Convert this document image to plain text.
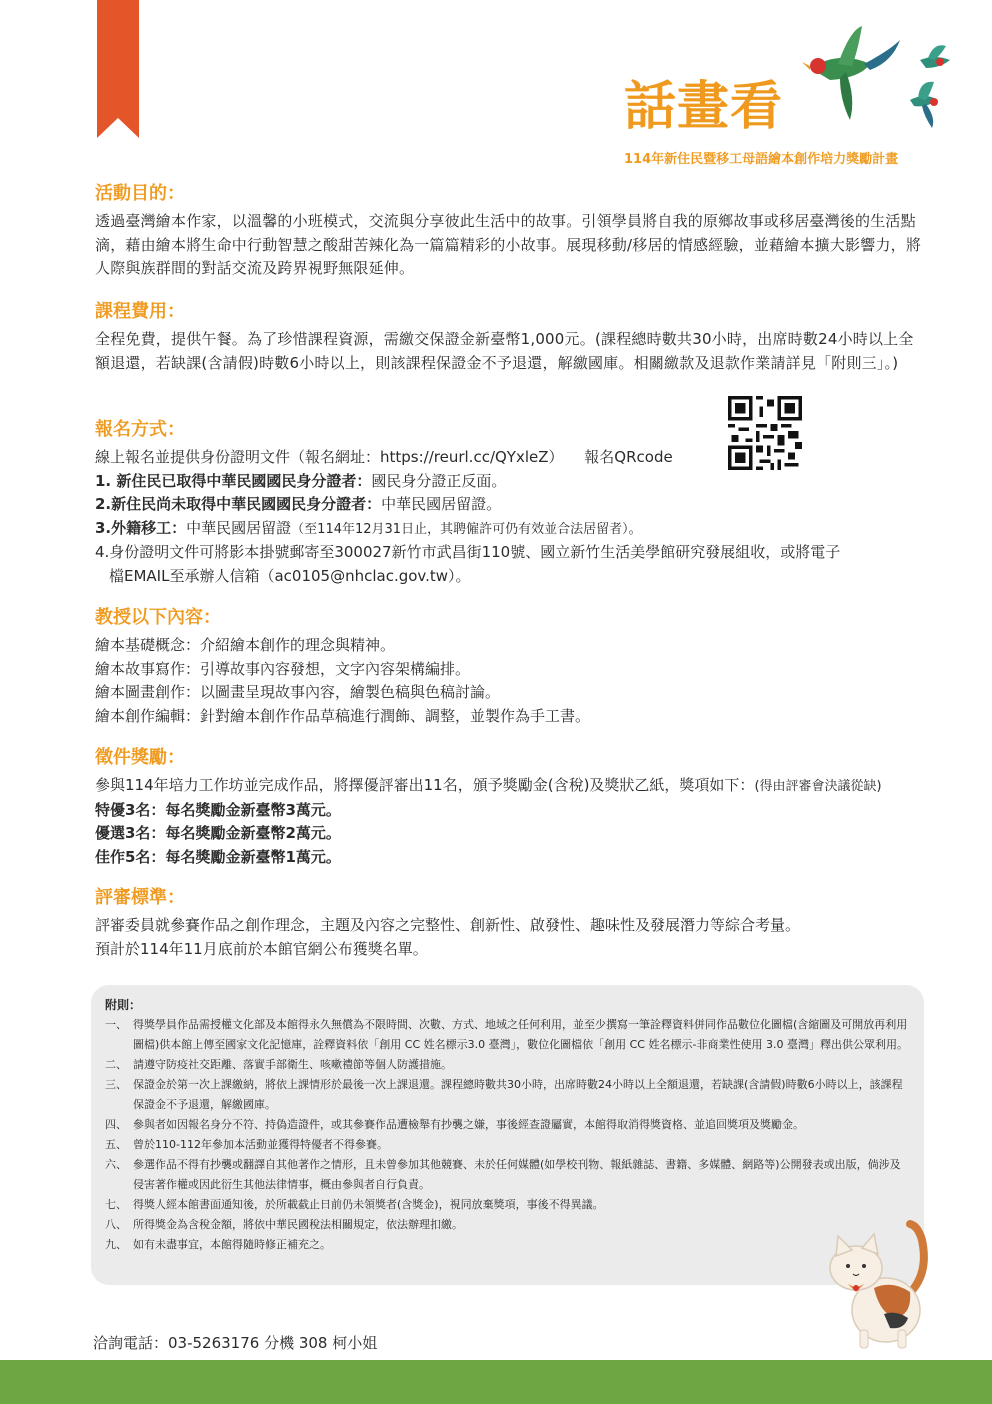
話畫看
114年新住民暨移工母語繪本創作培力獎勵計畫
活動目的：

透過臺灣繪本作家，以溫馨的小班模式，交流與分享彼此生活中的故事。引領學員將自我的原鄉故事或移居臺灣後的生活點滴，藉由繪本將生命中行動智慧之酸甜苦辣化為一篇篇精彩的小故事。展現移動/移居的情感經驗，並藉繪本擴大影響力，將人際與族群間的對話交流及跨界視野無限延伸。

課程費用：

全程免費，提供午餐。為了珍惜課程資源，需繳交保證金新臺幣1,000元。(課程總時數共30小時，出席時數24小時以上全額退還，若缺課(含請假)時數6小時以上，則該課程保證金不予退還，解繳國庫。相關繳款及退款作業請詳見「附則三」。)

報名方式：

線上報名並提供身份證明文件（報名網址：https://reurl.cc/QYxleZ） 報名QRcode

1. 新住民已取得中華民國國民身分證者：國民身分證正反面。

2.新住民尚未取得中華民國國民身分證者：中華民國居留證。

3.外籍移工：中華民國居留證（至114年12月31日止，其聘僱許可仍有效並合法居留者）。

4.身份證明文件可將影本掛號郵寄至300027新竹市武昌街110號、國立新竹生活美學館研究發展組收，或將電子

檔EMAIL至承辦人信箱（ac0105@nhclac.gov.tw）。

教授以下內容：

繪本基礎概念：介紹繪本創作的理念與精神。

繪本故事寫作：引導故事內容發想，文字內容架構編排。

繪本圖畫創作：以圖畫呈現故事內容，繪製色稿與色稿討論。

繪本創作編輯：針對繪本創作作品草稿進行潤飾、調整，並製作為手工書。

徵件獎勵：

參與114年培力工作坊並完成作品，將擇優評審出11名，頒予獎勵金(含稅)及獎狀乙紙，獎項如下：(得由評審會決議從缺)

特優3名：每名獎勵金新臺幣3萬元。

優選3名：每名獎勵金新臺幣2萬元。

佳作5名：每名獎勵金新臺幣1萬元。

評審標準：

評審委員就參賽作品之創作理念，主題及內容之完整性、創新性、啟發性、趣味性及發展潛力等綜合考量。

預計於114年11月底前於本館官網公布獲獎名單。

附則：
一、 得獎學員作品需授權文化部及本館得永久無償為不限時間、次數、方式、地域之任何利用，並至少撰寫一筆詮釋資料併同作品數位化圖檔(含縮圖及可開放再利用圖檔)供本館上傳至國家文化記憶庫，詮釋資料依「創用 CC 姓名標示3.0 臺灣」，數位化圖檔依「創用 CC 姓名標示-非商業性使用 3.0 臺灣」釋出供公眾利用。
二、 請遵守防疫社交距離、落實手部衛生、咳嗽禮節等個人防護措施。
三、 保證金於第一次上課繳納，將依上課情形於最後一次上課退還。課程總時數共30小時，出席時數24小時以上全額退還，若缺課(含請假)時數6小時以上，該課程保證金不予退還，解繳國庫。
四、 參與者如因報名身分不符、持偽造證件，或其參賽作品遭檢舉有抄襲之嫌，事後經查證屬實，本館得取消得獎資格、並追回獎項及獎勵金。
五、 曾於110-112年參加本活動並獲得特優者不得參賽。
六、 參選作品不得有抄襲或翻譯自其他著作之情形，且未曾參加其他競賽、未於任何媒體(如學校刊物、報紙雜誌、書籍、多媒體、網路等)公開發表或出版，倘涉及侵害著作權或因此衍生其他法律情事，概由參與者自行負責。
七、 得獎人經本館書面通知後，於所載截止日前仍未領獎者(含獎金)，視同放棄獎項，事後不得異議。
八、 所得獎金為含稅金額，將依中華民國稅法相關規定，依法辦理扣繳。
九、 如有未盡事宜，本館得隨時修正補充之。
洽詢電話：03-5263176 分機 308 柯小姐
